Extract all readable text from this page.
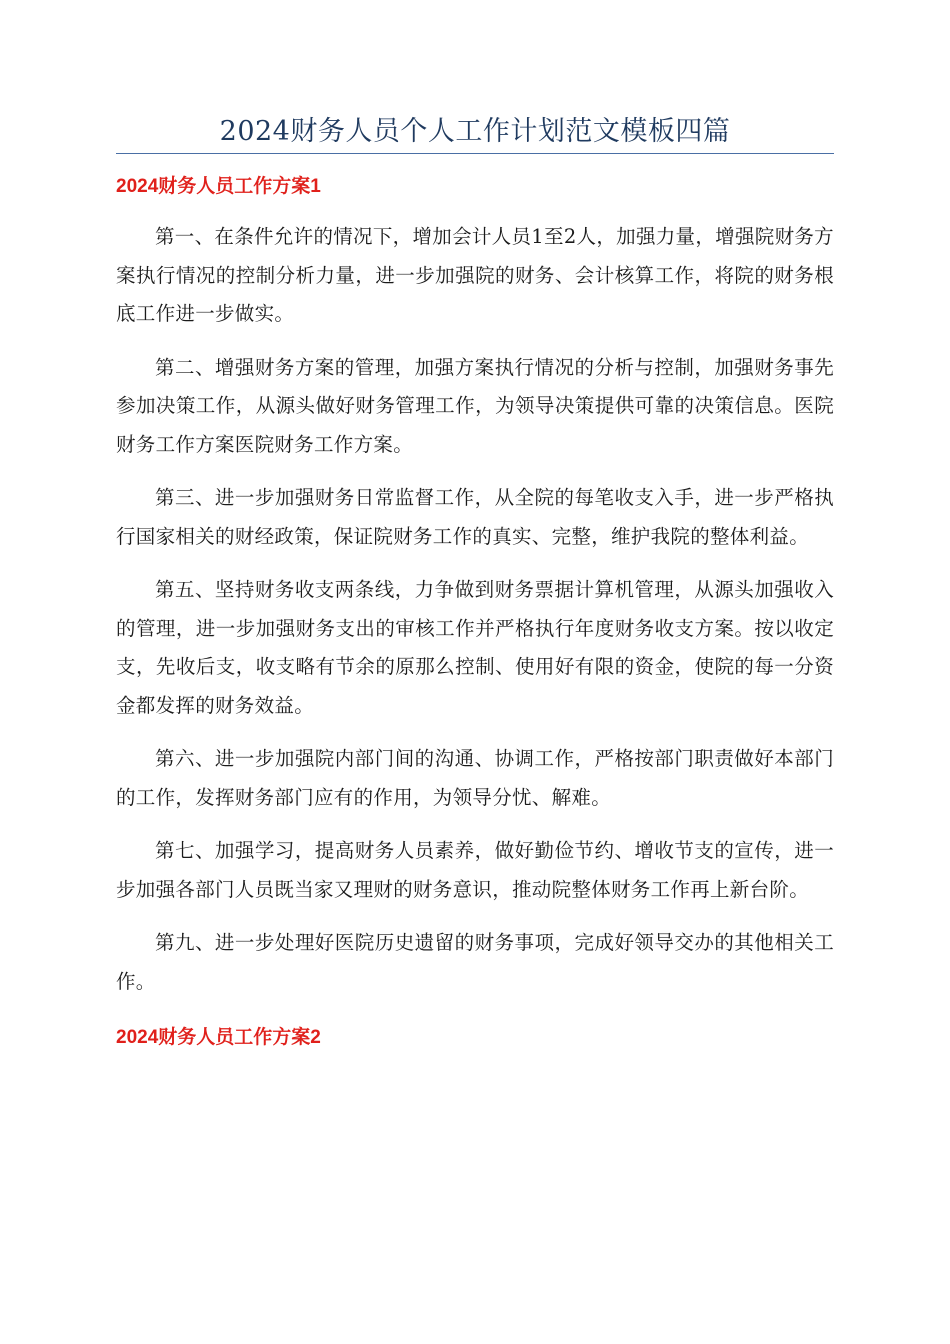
2024财务人员个人工作计划范文模板四篇
2024财务人员工作方案1

第一、在条件允许的情况下，增加会计人员1至2人，加强力量，增强院财务方案执行情况的控制分析力量，进一步加强院的财务、会计核算工作，将院的财务根底工作进一步做实。

第二、增强财务方案的管理，加强方案执行情况的分析与控制，加强财务事先参加决策工作，从源头做好财务管理工作，为领导决策提供可靠的决策信息。医院财务工作方案医院财务工作方案。

第三、进一步加强财务日常监督工作，从全院的每笔收支入手，进一步严格执行国家相关的财经政策，保证院财务工作的真实、完整，维护我院的整体利益。

第五、坚持财务收支两条线，力争做到财务票据计算机管理，从源头加强收入的管理，进一步加强财务支出的审核工作并严格执行年度财务收支方案。按以收定支，先收后支，收支略有节余的原那么控制、使用好有限的资金，使院的每一分资金都发挥的财务效益。

第六、进一步加强院内部门间的沟通、协调工作，严格按部门职责做好本部门的工作，发挥财务部门应有的作用，为领导分忧、解难。

第七、加强学习，提高财务人员素养，做好勤俭节约、增收节支的宣传，进一步加强各部门人员既当家又理财的财务意识，推动院整体财务工作再上新台阶。

第九、进一步处理好医院历史遗留的财务事项，完成好领导交办的其他相关工作。

2024财务人员工作方案2
